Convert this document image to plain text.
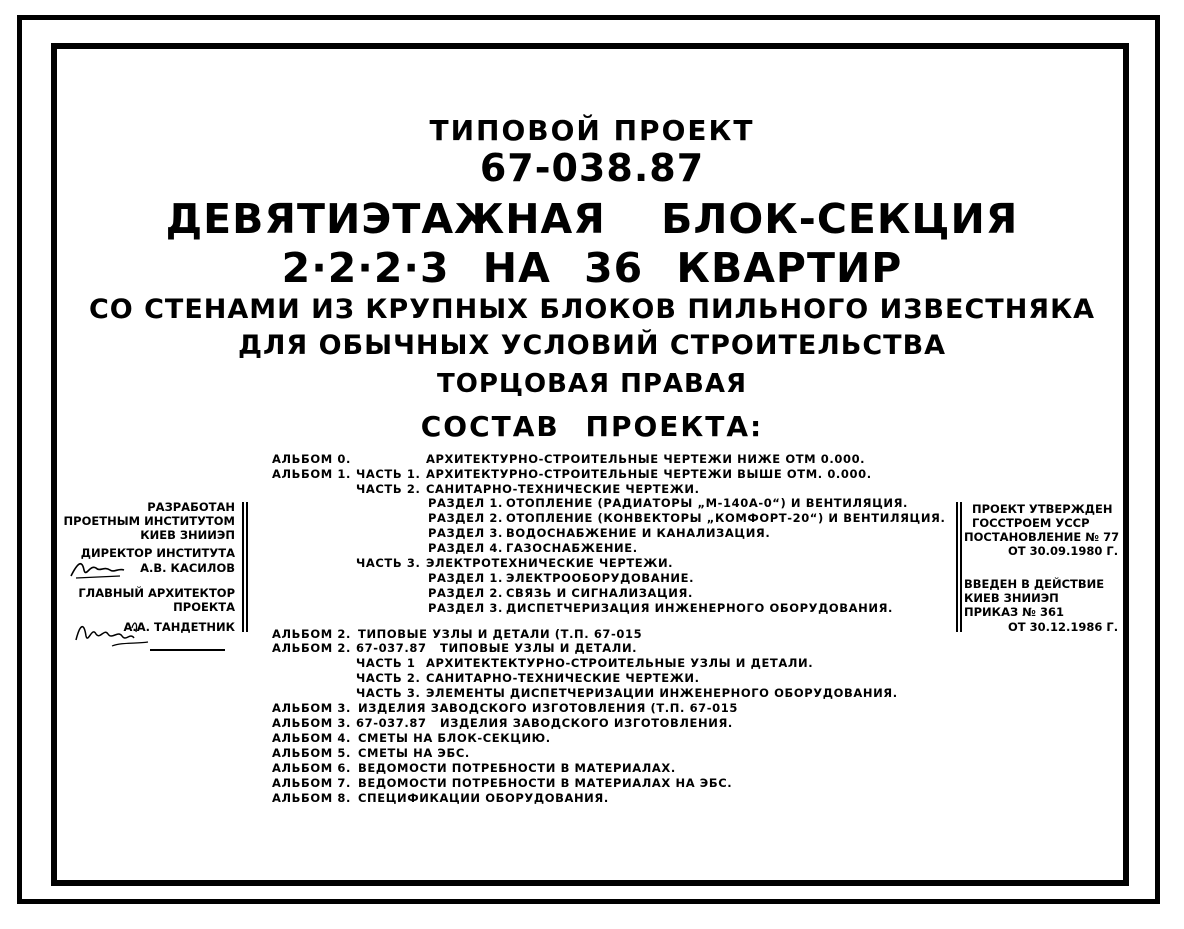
ТИПОВОЙ ПРОЕКТ
67-038.87
ДЕВЯТИЭТАЖНАЯ БЛОК-СЕКЦИЯ
2·2·2·3 НА 36 КВАРТИР
СО СТЕНАМИ ИЗ КРУПНЫХ БЛОКОВ ПИЛЬНОГО ИЗВЕСТНЯКА
ДЛЯ ОБЫЧНЫХ УСЛОВИЙ СТРОИТЕЛЬСТВА
ТОРЦОВАЯ ПРАВАЯ
СОСТАВ ПРОЕКТА:
АЛЬБОМ 0.	АРХИТЕКТУРНО-СТРОИТЕЛЬНЫЕ ЧЕРТЕЖИ НИЖЕ ОТМ 0.000.
АЛЬБОМ 1. ЧАСТЬ 1. АРХИТЕКТУРНО-СТРОИТЕЛЬНЫЕ ЧЕРТЕЖИ ВЫШЕ ОТМ. 0.000.
ЧАСТЬ 2. САНИТАРНО-ТЕХНИЧЕСКИЕ ЧЕРТЕЖИ.
РАЗДЕЛ 1. ОТОПЛЕНИЕ (РАДИАТОРЫ „М-140А-0“) И ВЕНТИЛЯЦИЯ.
РАЗДЕЛ 2. ОТОПЛЕНИЕ (КОНВЕКТОРЫ „КОМФОРТ-20“) И ВЕНТИЛЯЦИЯ.
РАЗДЕЛ 3. ВОДОСНАБЖЕНИЕ И КАНАЛИЗАЦИЯ.
РАЗДЕЛ 4. ГАЗОСНАБЖЕНИЕ.
ЧАСТЬ 3. ЭЛЕКТРОТЕХНИЧЕСКИЕ ЧЕРТЕЖИ.
РАЗДЕЛ 1. ЭЛЕКТРООБОРУДОВАНИЕ.
РАЗДЕЛ 2. СВЯЗЬ И СИГНАЛИЗАЦИЯ.
РАЗДЕЛ 3. ДИСПЕТЧЕРИЗАЦИЯ ИНЖЕНЕРНОГО ОБОРУДОВАНИЯ.
АЛЬБОМ 2. ТИПОВЫЕ УЗЛЫ И ДЕТАЛИ (Т.П. 67-015
АЛЬБОМ 2. 67-037.87 ТИПОВЫЕ УЗЛЫ И ДЕТАЛИ.
ЧАСТЬ 1 АРХИТЕКТЕКТУРНО-СТРОИТЕЛЬНЫЕ УЗЛЫ И ДЕТАЛИ.
ЧАСТЬ 2. САНИТАРНО-ТЕХНИЧЕСКИЕ ЧЕРТЕЖИ.
ЧАСТЬ 3. ЭЛЕМЕНТЫ ДИСПЕТЧЕРИЗАЦИИ ИНЖЕНЕРНОГО ОБОРУДОВАНИЯ.
АЛЬБОМ 3. ИЗДЕЛИЯ ЗАВОДСКОГО ИЗГОТОВЛЕНИЯ (Т.П. 67-015
АЛЬБОМ 3. 67-037.87 ИЗДЕЛИЯ ЗАВОДСКОГО ИЗГОТОВЛЕНИЯ.
АЛЬБОМ 4. СМЕТЫ НА БЛОК-СЕКЦИЮ.
АЛЬБОМ 5. СМЕТЫ НА ЭБС.
АЛЬБОМ 6. ВЕДОМОСТИ ПОТРЕБНОСТИ В МАТЕРИАЛАХ.
АЛЬБОМ 7. ВЕДОМОСТИ ПОТРЕБНОСТИ В МАТЕРИАЛАХ НА ЭБС.
АЛЬБОМ 8. СПЕЦИФИКАЦИИ ОБОРУДОВАНИЯ.
РАЗРАБОТАН
ПРОЕТНЫМ ИНСТИТУТОМ
КИЕВ ЗНИИЭП
ДИРЕКТОР ИНСТИТУТА
А.В. КАСИЛОВ
ГЛАВНЫЙ АРХИТЕКТОР
ПРОЕКТА
А.А. ТАНДЕТНИК
ПРОЕКТ УТВЕРЖДЕН
ГОССТРОЕМ УССР
ПОСТАНОВЛЕНИЕ № 77
ОТ 30.09.1980 Г.
ВВЕДЕН В ДЕЙСТВИЕ
КИЕВ ЗНИИЭП
ПРИКАЗ № 361
ОТ 30.12.1986 Г.
